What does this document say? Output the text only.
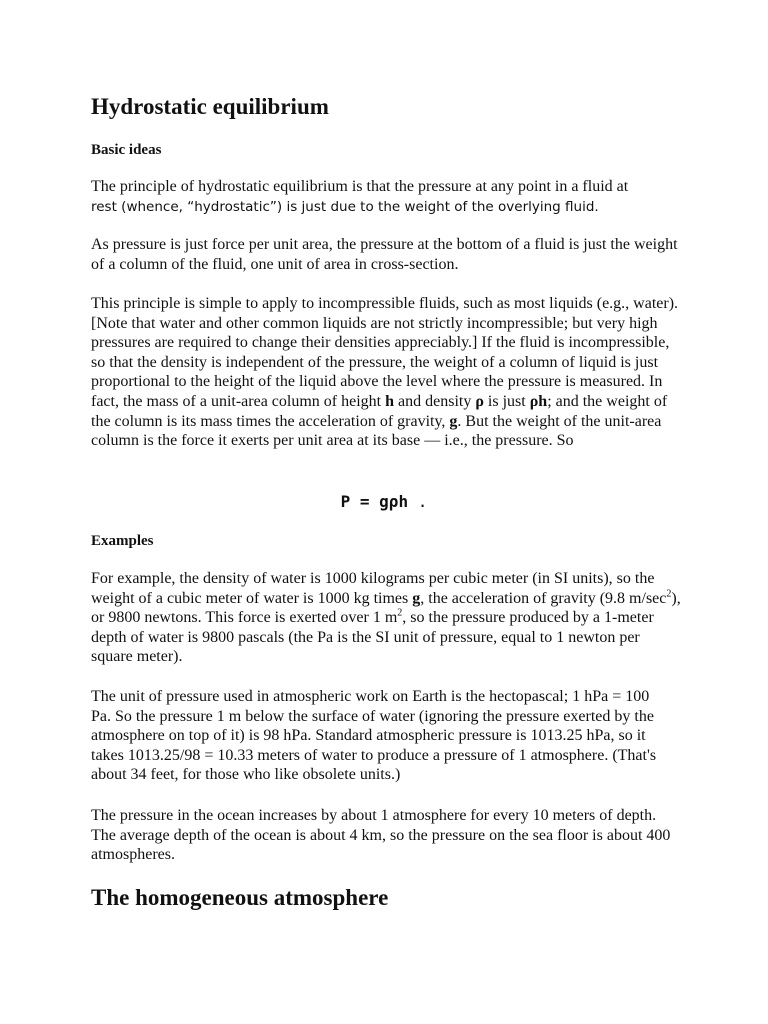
Hydrostatic equilibrium
Basic ideas

The principle of hydrostatic equilibrium is that the pressure at any point in a fluid at
rest (whence, “hydrostatic”) is just due to the weight of the overlying fluid.

As pressure is just force per unit area, the pressure at the bottom of a fluid is just the weight of a column of the fluid, one unit of area in cross-section.

This principle is simple to apply to incompressible fluids, such as most liquids (e.g., water). [Note that water and other common liquids are not strictly incompressible; but very high pressures are required to change their densities appreciably.] If the fluid is incompressible, so that the density is independent of the pressure, the weight of a column of liquid is just proportional to the height of the liquid above the level where the pressure is measured. In fact, the mass of a unit-area column of height h and density ρ is just ρh; and the weight of the column is its mass times the acceleration of gravity, g. But the weight of the unit-area column is the force it exerts per unit area at its base — i.e., the pressure. So

P = gρh .
Examples

For example, the density of water is 1000 kilograms per cubic meter (in SI units), so the weight of a cubic meter of water is 1000 kg times g, the acceleration of gravity (9.8 $m/\sec^2$), or 9800 newtons. This force is exerted over 1 $m^2$, so the pressure produced by a 1-meter depth of water is 9800 pascals (the Pa is the SI unit of pressure, equal to 1 newton per square meter).

The unit of pressure used in atmospheric work on Earth is the hectopascal; 1 hPa = 100 Pa. So the pressure 1 m below the surface of water (ignoring the pressure exerted by the atmosphere on top of it) is 98 hPa. Standard atmospheric pressure is 1013.25 hPa, so it takes 1013.25/98 = 10.33 meters of water to produce a pressure of 1 atmosphere. (That's about 34 feet, for those who like obsolete units.)

The pressure in the ocean increases by about 1 atmosphere for every 10 meters of depth. The average depth of the ocean is about 4 km, so the pressure on the sea floor is about 400 atmospheres.

The homogeneous atmosphere
